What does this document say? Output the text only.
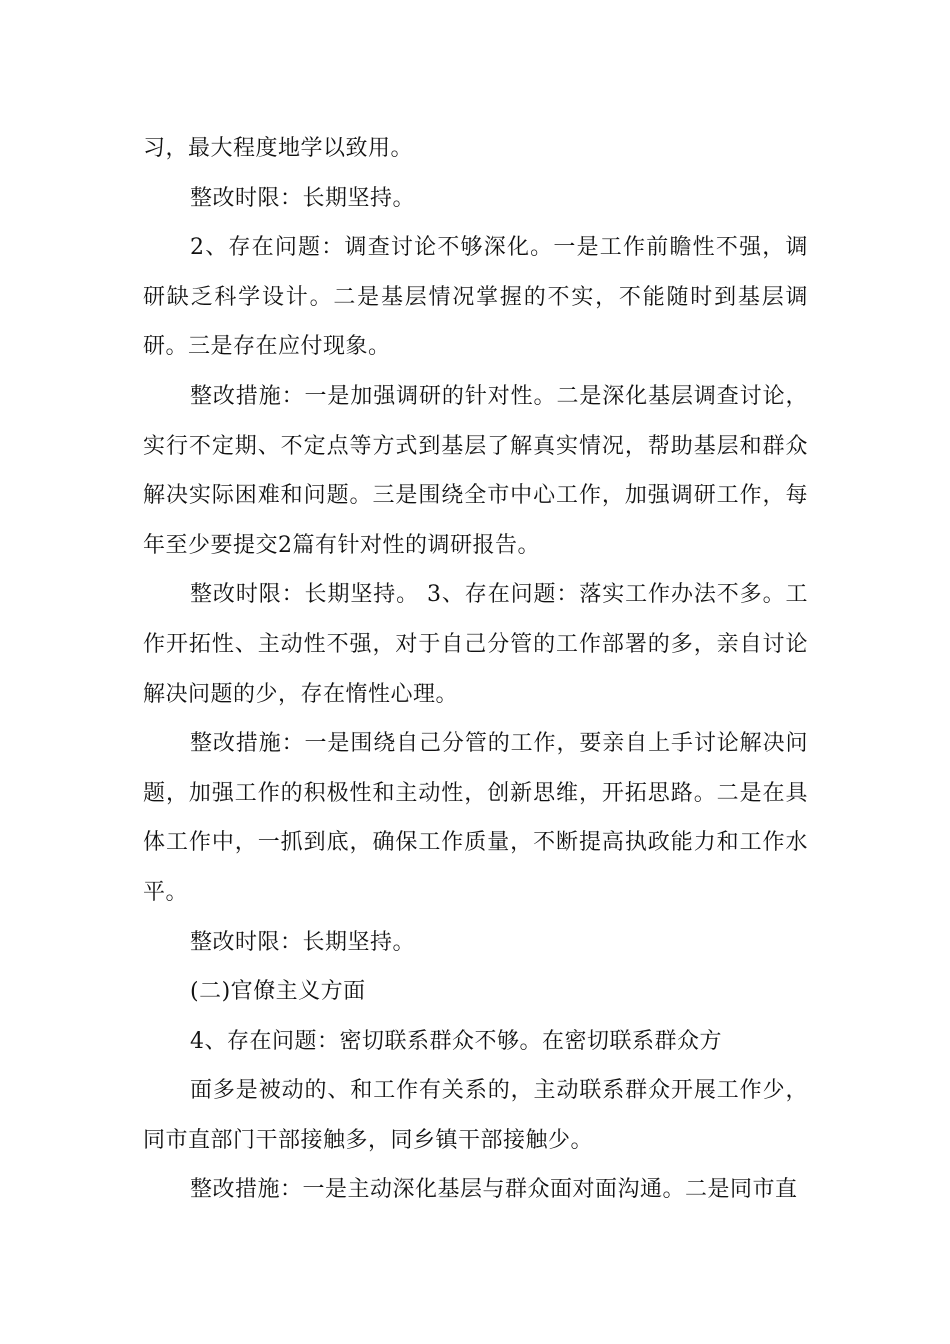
习，最大程度地学以致用。

整改时限：长期坚持。

2、存在问题：调查讨论不够深化。一是工作前瞻性不强，调研缺乏科学设计。二是基层情况掌握的不实，不能随时到基层调研。三是存在应付现象。

整改措施：一是加强调研的针对性。二是深化基层调查讨论，实行不定期、不定点等方式到基层了解真实情况，帮助基层和群众解决实际困难和问题。三是围绕全市中心工作，加强调研工作，每年至少要提交2篇有针对性的调研报告。

整改时限：长期坚持。 3、存在问题：落实工作办法不多。工作开拓性、主动性不强，对于自己分管的工作部署的多，亲自讨论解决问题的少，存在惰性心理。

整改措施：一是围绕自己分管的工作，要亲自上手讨论解决问题，加强工作的积极性和主动性，创新思维，开拓思路。二是在具体工作中，一抓到底，确保工作质量，不断提高执政能力和工作水平。

整改时限：长期坚持。

(二)官僚主义方面

4、存在问题：密切联系群众不够。在密切联系群众方

面多是被动的、和工作有关系的，主动联系群众开展工作少，同市直部门干部接触多，同乡镇干部接触少。

整改措施：一是主动深化基层与群众面对面沟通。二是同市直
